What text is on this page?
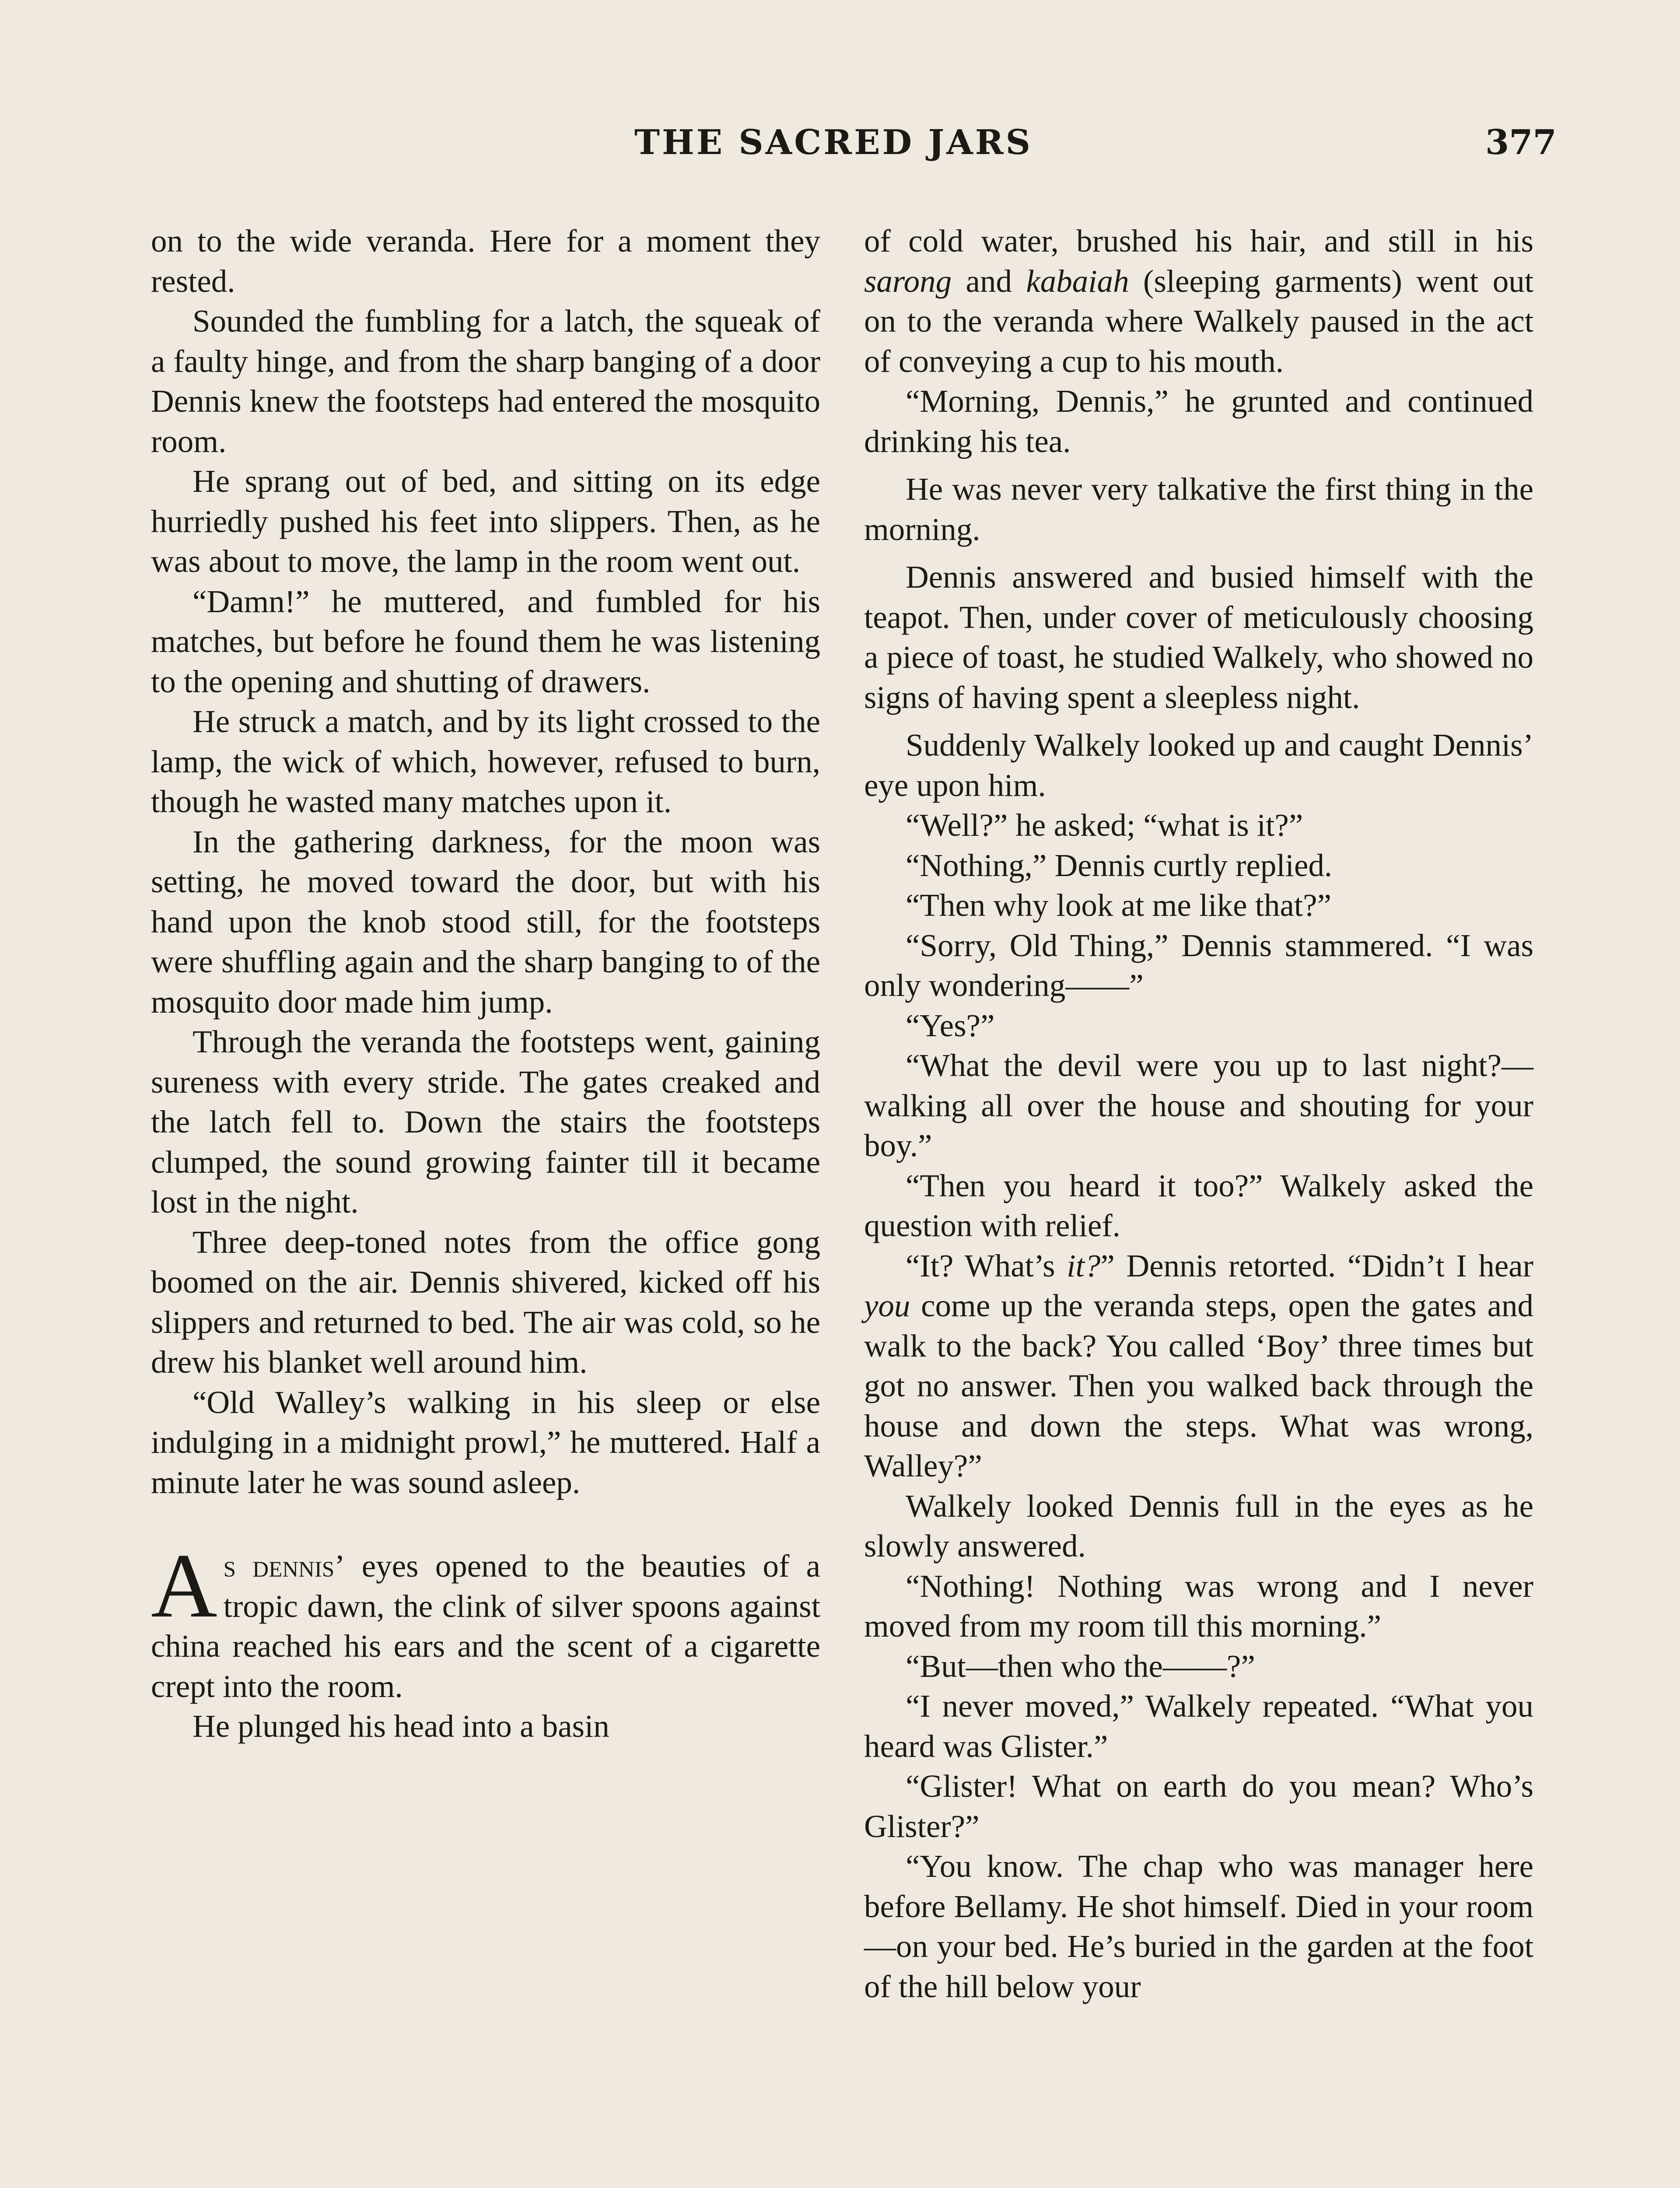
THE SACRED JARS	377

on to the wide veranda. Here for a moment they rested.

Sounded the fumbling for a latch, the squeak of a faulty hinge, and from the sharp banging of a door Dennis knew the footsteps had entered the mosquito room.

He sprang out of bed, and sitting on its edge hurriedly pushed his feet into slippers. Then, as he was about to move, the lamp in the room went out.

“Damn!” he muttered, and fumbled for his matches, but before he found them he was listening to the opening and shutting of drawers.

He struck a match, and by its light crossed to the lamp, the wick of which, however, refused to burn, though he wasted many matches upon it.

In the gathering darkness, for the moon was setting, he moved toward the door, but with his hand upon the knob stood still, for the footsteps were shuffling again and the sharp banging to of the mosquito door made him jump.

Through the veranda the footsteps went, gaining sureness with every stride. The gates creaked and the latch fell to. Down the stairs the footsteps clumped, the sound growing fainter till it became lost in the night.

Three deep-toned notes from the office gong boomed on the air. Dennis shivered, kicked off his slippers and returned to bed. The air was cold, so he drew his blanket well around him.

“Old Walley’s walking in his sleep or else indulging in a midnight prowl,” he muttered. Half a minute later he was sound asleep.

As dennis’ eyes opened to the beauties of a tropic dawn, the clink of silver spoons against china reached his ears and the scent of a cigarette crept into the room.

He plunged his head into a basin

of cold water, brushed his hair, and still in his sarong and kabaiah (sleeping garments) went out on to the veranda where Walkely paused in the act of conveying a cup to his mouth.

“Morning, Dennis,” he grunted and continued drinking his tea.

He was never very talkative the first thing in the morning.

Dennis answered and busied himself with the teapot. Then, under cover of meticulously choosing a piece of toast, he studied Walkely, who showed no signs of having spent a sleepless night.

Suddenly Walkely looked up and caught Dennis’ eye upon him.

“Well?” he asked; “what is it?”

“Nothing,” Dennis curtly replied.

“Then why look at me like that?”

“Sorry, Old Thing,” Dennis stammered. “I was only wondering——”

“Yes?”

“What the devil were you up to last night?—walking all over the house and shouting for your boy.”

“Then you heard it too?” Walkely asked the question with relief.

“It? What’s it?” Dennis retorted. “Didn’t I hear you come up the veranda steps, open the gates and walk to the back? You called ‘Boy’ three times but got no answer. Then you walked back through the house and down the steps. What was wrong, Walley?”

Walkely looked Dennis full in the eyes as he slowly answered.

“Nothing! Nothing was wrong and I never moved from my room till this morning.”

“But—then who the——?”

“I never moved,” Walkely repeated. “What you heard was Glister.”

“Glister! What on earth do you mean? Who’s Glister?”

“You know. The chap who was manager here before Bellamy. He shot himself. Died in your room—on your bed. He’s buried in the garden at the foot of the hill below your
